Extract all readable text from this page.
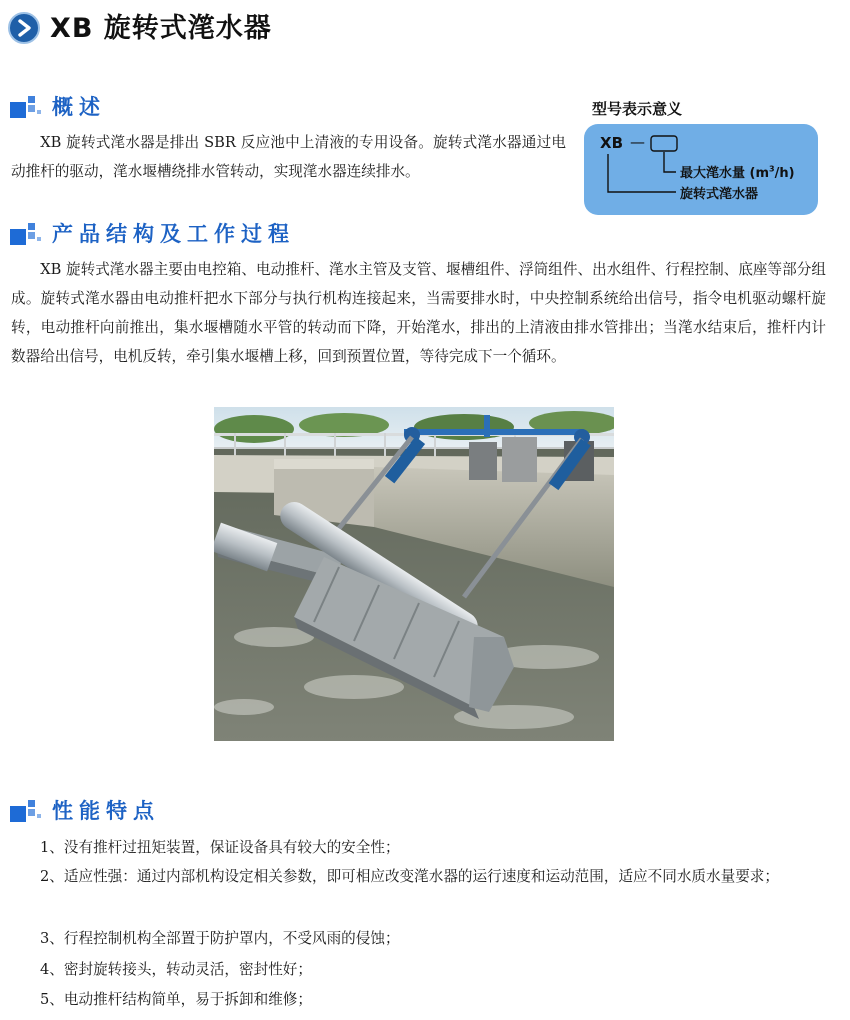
XB 旋转式滗水器
概述
XB 旋转式滗水器是排出 SBR 反应池中上清液的专用设备。旋转式滗水器通过电动推杆的驱动，滗水堰槽绕排水管转动，实现滗水器连续排水。
型号表示意义
XB —
最大滗水量 $(m^3/h)$
旋转式滗水器
产品结构及工作过程
XB 旋转式滗水器主要由电控箱、电动推杆、滗水主管及支管、堰槽组件、浮筒组件、出水组件、行程控制、底座等部分组成。旋转式滗水器由电动推杆把水下部分与执行机构连接起来，当需要排水时，中央控制系统给出信号，指令电机驱动螺杆旋转，电动推杆向前推出，集水堰槽随水平管的转动而下降，开始滗水，排出的上清液由排水管排出；当滗水结束后，推杆内计数器给出信号，电机反转，牵引集水堰槽上移，回到预置位置，等待完成下一个循环。
性能特点
1、没有推杆过扭矩装置，保证设备具有较大的安全性；
2、适应性强：通过内部机构设定相关参数，即可相应改变滗水器的运行速度和运动范围，适应不同水质水量要求；
3、行程控制机构全部置于防护罩内，不受风雨的侵蚀；
4、密封旋转接头，转动灵活，密封性好；
5、电动推杆结构简单，易于拆卸和维修；
